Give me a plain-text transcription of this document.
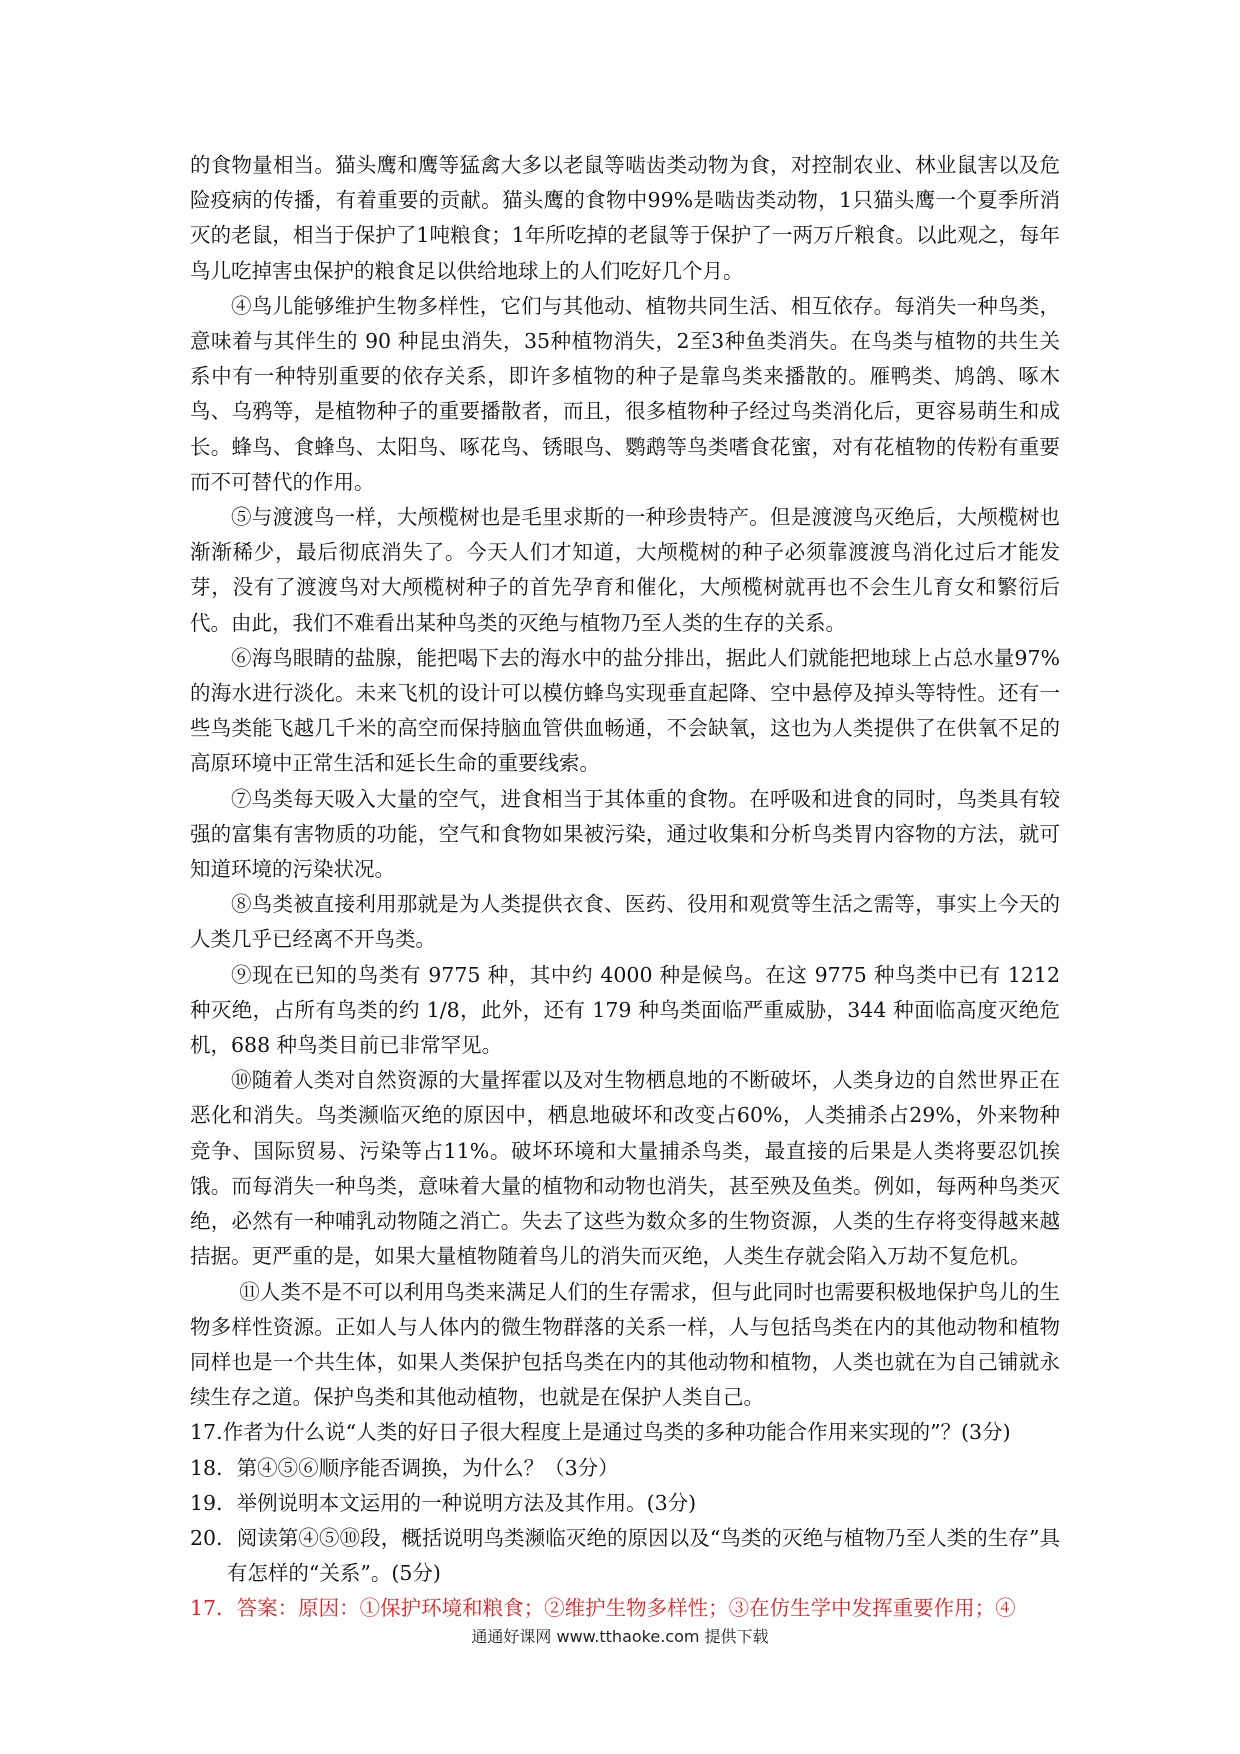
的食物量相当。猫头鹰和鹰等猛禽大多以老鼠等啮齿类动物为食，对控制农业、林业鼠害以及危险疫病的传播，有着重要的贡献。猫头鹰的食物中99%是啮齿类动物，1只猫头鹰一个夏季所消灭的老鼠，相当于保护了1吨粮食；1年所吃掉的老鼠等于保护了一两万斤粮食。以此观之，每年鸟儿吃掉害虫保护的粮食足以供给地球上的人们吃好几个月。

④鸟儿能够维护生物多样性，它们与其他动、植物共同生活、相互依存。每消失一种鸟类，意味着与其伴生的 90 种昆虫消失，35种植物消失，2至3种鱼类消失。在鸟类与植物的共生关系中有一种特别重要的依存关系，即许多植物的种子是靠鸟类来播散的。雁鸭类、鸠鸽、啄木鸟、乌鸦等，是植物种子的重要播散者，而且，很多植物种子经过鸟类消化后，更容易萌生和成长。蜂鸟、食蜂鸟、太阳鸟、啄花鸟、锈眼鸟、鹦鹉等鸟类嗜食花蜜，对有花植物的传粉有重要而不可替代的作用。

⑤与渡渡鸟一样，大颅榄树也是毛里求斯的一种珍贵特产。但是渡渡鸟灭绝后，大颅榄树也渐渐稀少，最后彻底消失了。今天人们才知道，大颅榄树的种子必须靠渡渡鸟消化过后才能发芽，没有了渡渡鸟对大颅榄树种子的首先孕育和催化，大颅榄树就再也不会生儿育女和繁衍后代。由此，我们不难看出某种鸟类的灭绝与植物乃至人类的生存的关系。

⑥海鸟眼睛的盐腺，能把喝下去的海水中的盐分排出，据此人们就能把地球上占总水量97%的海水进行淡化。未来飞机的设计可以模仿蜂鸟实现垂直起降、空中悬停及掉头等特性。还有一些鸟类能飞越几千米的高空而保持脑血管供血畅通，不会缺氧，这也为人类提供了在供氧不足的高原环境中正常生活和延长生命的重要线索。

⑦鸟类每天吸入大量的空气，进食相当于其体重的食物。在呼吸和进食的同时，鸟类具有较强的富集有害物质的功能，空气和食物如果被污染，通过收集和分析鸟类胃内容物的方法，就可知道环境的污染状况。

⑧鸟类被直接利用那就是为人类提供衣食、医药、役用和观赏等生活之需等，事实上今天的人类几乎已经离不开鸟类。

⑨现在已知的鸟类有 9775 种，其中约 4000 种是候鸟。在这 9775 种鸟类中已有 1212 种灭绝，占所有鸟类的约 1/8，此外，还有 179 种鸟类面临严重威胁，344 种面临高度灭绝危机，688 种鸟类目前已非常罕见。

⑩随着人类对自然资源的大量挥霍以及对生物栖息地的不断破坏，人类身边的自然世界正在恶化和消失。鸟类濒临灭绝的原因中，栖息地破坏和改变占60%，人类捕杀占29%，外来物种竞争、国际贸易、污染等占11%。破坏环境和大量捕杀鸟类，最直接的后果是人类将要忍饥挨饿。而每消失一种鸟类，意味着大量的植物和动物也消失，甚至殃及鱼类。例如，每两种鸟类灭绝，必然有一种哺乳动物随之消亡。失去了这些为数众多的生物资源，人类的生存将变得越来越拮据。更严重的是，如果大量植物随着鸟儿的消失而灭绝，人类生存就会陷入万劫不复危机。

⑪人类不是不可以利用鸟类来满足人们的生存需求，但与此同时也需要积极地保护鸟儿的生物多样性资源。正如人与人体内的微生物群落的关系一样，人与包括鸟类在内的其他动物和植物同样也是一个共生体，如果人类保护包括鸟类在内的其他动物和植物，人类也就在为自己铺就永续生存之道。保护鸟类和其他动植物，也就是在保护人类自己。

17.作者为什么说“人类的好日子很大程度上是通过鸟类的多种功能合作用来实现的”？(3分)

18．第④⑤⑥顺序能否调换，为什么？（3分）

19．举例说明本文运用的一种说明方法及其作用。(3分)

20．阅读第④⑤⑩段，概括说明鸟类濒临灭绝的原因以及“鸟类的灭绝与植物乃至人类的生存”具有怎样的“关系”。(5分)

17．答案：原因：①保护环境和粮食；②维护生物多样性；③在仿生学中发挥重要作用；④

通通好课网 www.tthaoke.com 提供下载
